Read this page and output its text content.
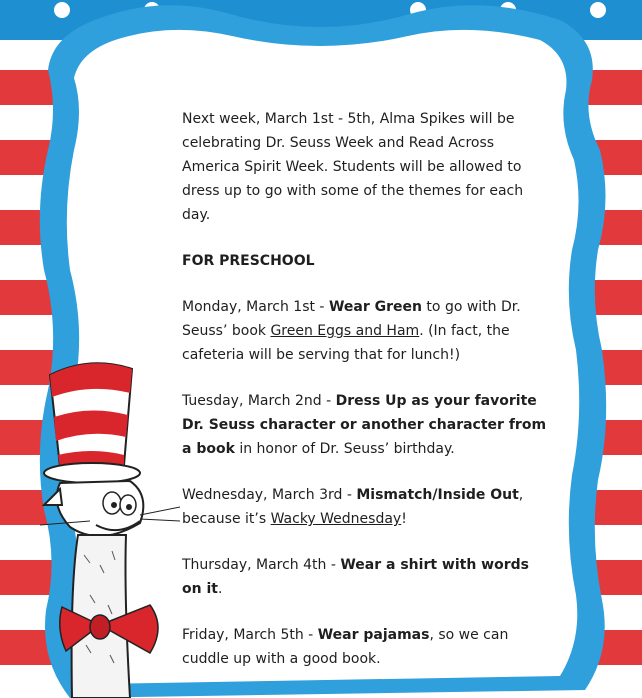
Next week, March 1st - 5th, Alma Spikes will be celebrating Dr. Seuss Week and Read Across America Spirit Week. Students will be allowed to dress up to go with some of the themes for each day.

FOR PRESCHOOL

Monday, March 1st - Wear Green to go with Dr. Seuss’ book Green Eggs and Ham. (In fact, the cafeteria will be serving that for lunch!)

Tuesday, March 2nd - Dress Up as your favorite Dr. Seuss character or another character from a book in honor of Dr. Seuss’ birthday.

Wednesday, March 3rd - Mismatch/Inside Out, because it’s Wacky Wednesday!

Thursday, March 4th - Wear a shirt with words on it.

Friday, March 5th - Wear pajamas, so we can cuddle up with a good book.
